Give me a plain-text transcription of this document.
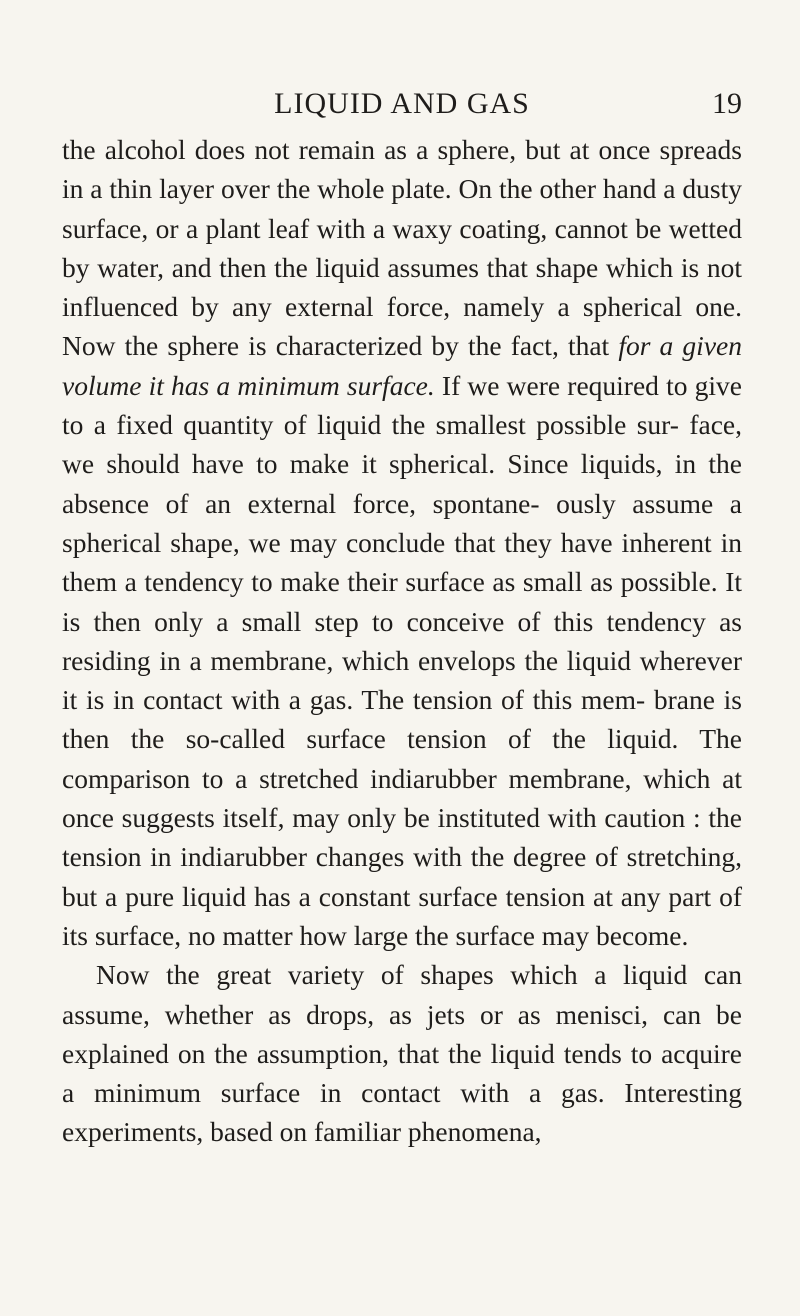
LIQUID AND GAS	19

the alcohol does not remain as a sphere, but at once spreads in a thin layer over the whole plate. On the other hand a dusty surface, or a plant leaf with a waxy coating, cannot be wetted by water, and then the liquid assumes that shape which is not influenced by any external force, namely a spherical one. Now the sphere is characterized by the fact, that for a given volume it has a minimum surface. If we were required to give to a fixed quantity of liquid the smallest possible sur- face, we should have to make it spherical. Since liquids, in the absence of an external force, spontane- ously assume a spherical shape, we may conclude that they have inherent in them a tendency to make their surface as small as possible. It is then only a small step to conceive of this tendency as residing in a membrane, which envelops the liquid wherever it is in contact with a gas. The tension of this mem- brane is then the so-called surface tension of the liquid. The comparison to a stretched indiarubber membrane, which at once suggests itself, may only be instituted with caution : the tension in indiarubber changes with the degree of stretching, but a pure liquid has a constant surface tension at any part of its surface, no matter how large the surface may become.

Now the great variety of shapes which a liquid can assume, whether as drops, as jets or as menisci, can be explained on the assumption, that the liquid tends to acquire a minimum surface in contact with a gas. Interesting experiments, based on familiar phenomena,
